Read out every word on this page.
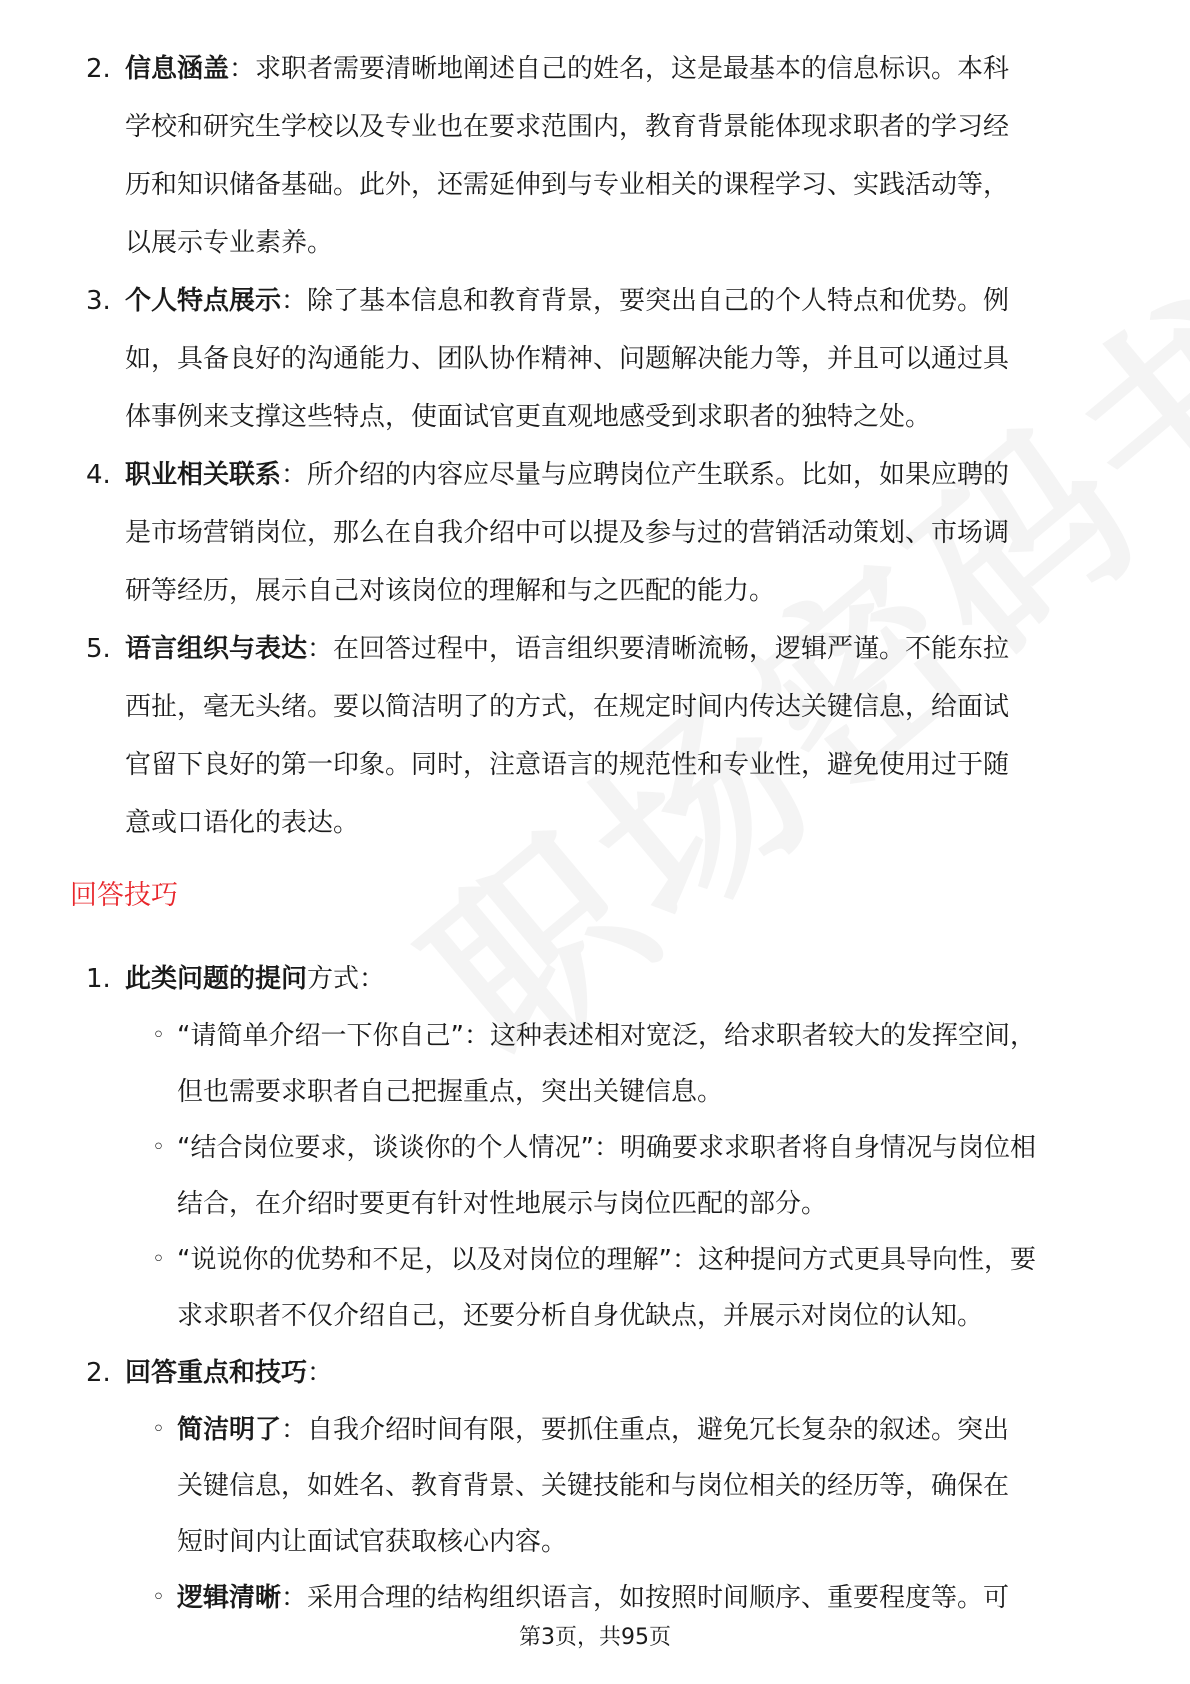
2. 信息涵盖：求职者需要清晰地阐述自己的姓名，这是最基本的信息标识。本科
学校和研究生学校以及专业也在要求范围内，教育背景能体现求职者的学习经
历和知识储备基础。此外，还需延伸到与专业相关的课程学习、实践活动等，
以展示专业素养。
3. 个人特点展示：除了基本信息和教育背景，要突出自己的个人特点和优势。例
如，具备良好的沟通能力、团队协作精神、问题解决能力等，并且可以通过具
体事例来支撑这些特点，使面试官更直观地感受到求职者的独特之处。
4. 职业相关联系：所介绍的内容应尽量与应聘岗位产生联系。比如，如果应聘的
是市场营销岗位，那么在自我介绍中可以提及参与过的营销活动策划、市场调
研等经历，展示自己对该岗位的理解和与之匹配的能力。
5. 语言组织与表达：在回答过程中，语言组织要清晰流畅，逻辑严谨。不能东拉
西扯，毫无头绪。要以简洁明了的方式，在规定时间内传达关键信息，给面试
官留下良好的第一印象。同时，注意语言的规范性和专业性，避免使用过于随
意或口语化的表达。
回答技巧
1. 此类问题的提问方式：
◦ “请简单介绍一下你自己”：这种表述相对宽泛，给求职者较大的发挥空间，
但也需要求职者自己把握重点，突出关键信息。
◦ “结合岗位要求，谈谈你的个人情况”：明确要求求职者将自身情况与岗位相
结合，在介绍时要更有针对性地展示与岗位匹配的部分。
◦ “说说你的优势和不足，以及对岗位的理解”：这种提问方式更具导向性，要
求求职者不仅介绍自己，还要分析自身优缺点，并展示对岗位的认知。
2. 回答重点和技巧：
◦ 简洁明了：自我介绍时间有限，要抓住重点，避免冗长复杂的叙述。突出
关键信息，如姓名、教育背景、关键技能和与岗位相关的经历等，确保在
短时间内让面试官获取核心内容。
◦ 逻辑清晰：采用合理的结构组织语言，如按照时间顺序、重要程度等。可
第3页，共95页
